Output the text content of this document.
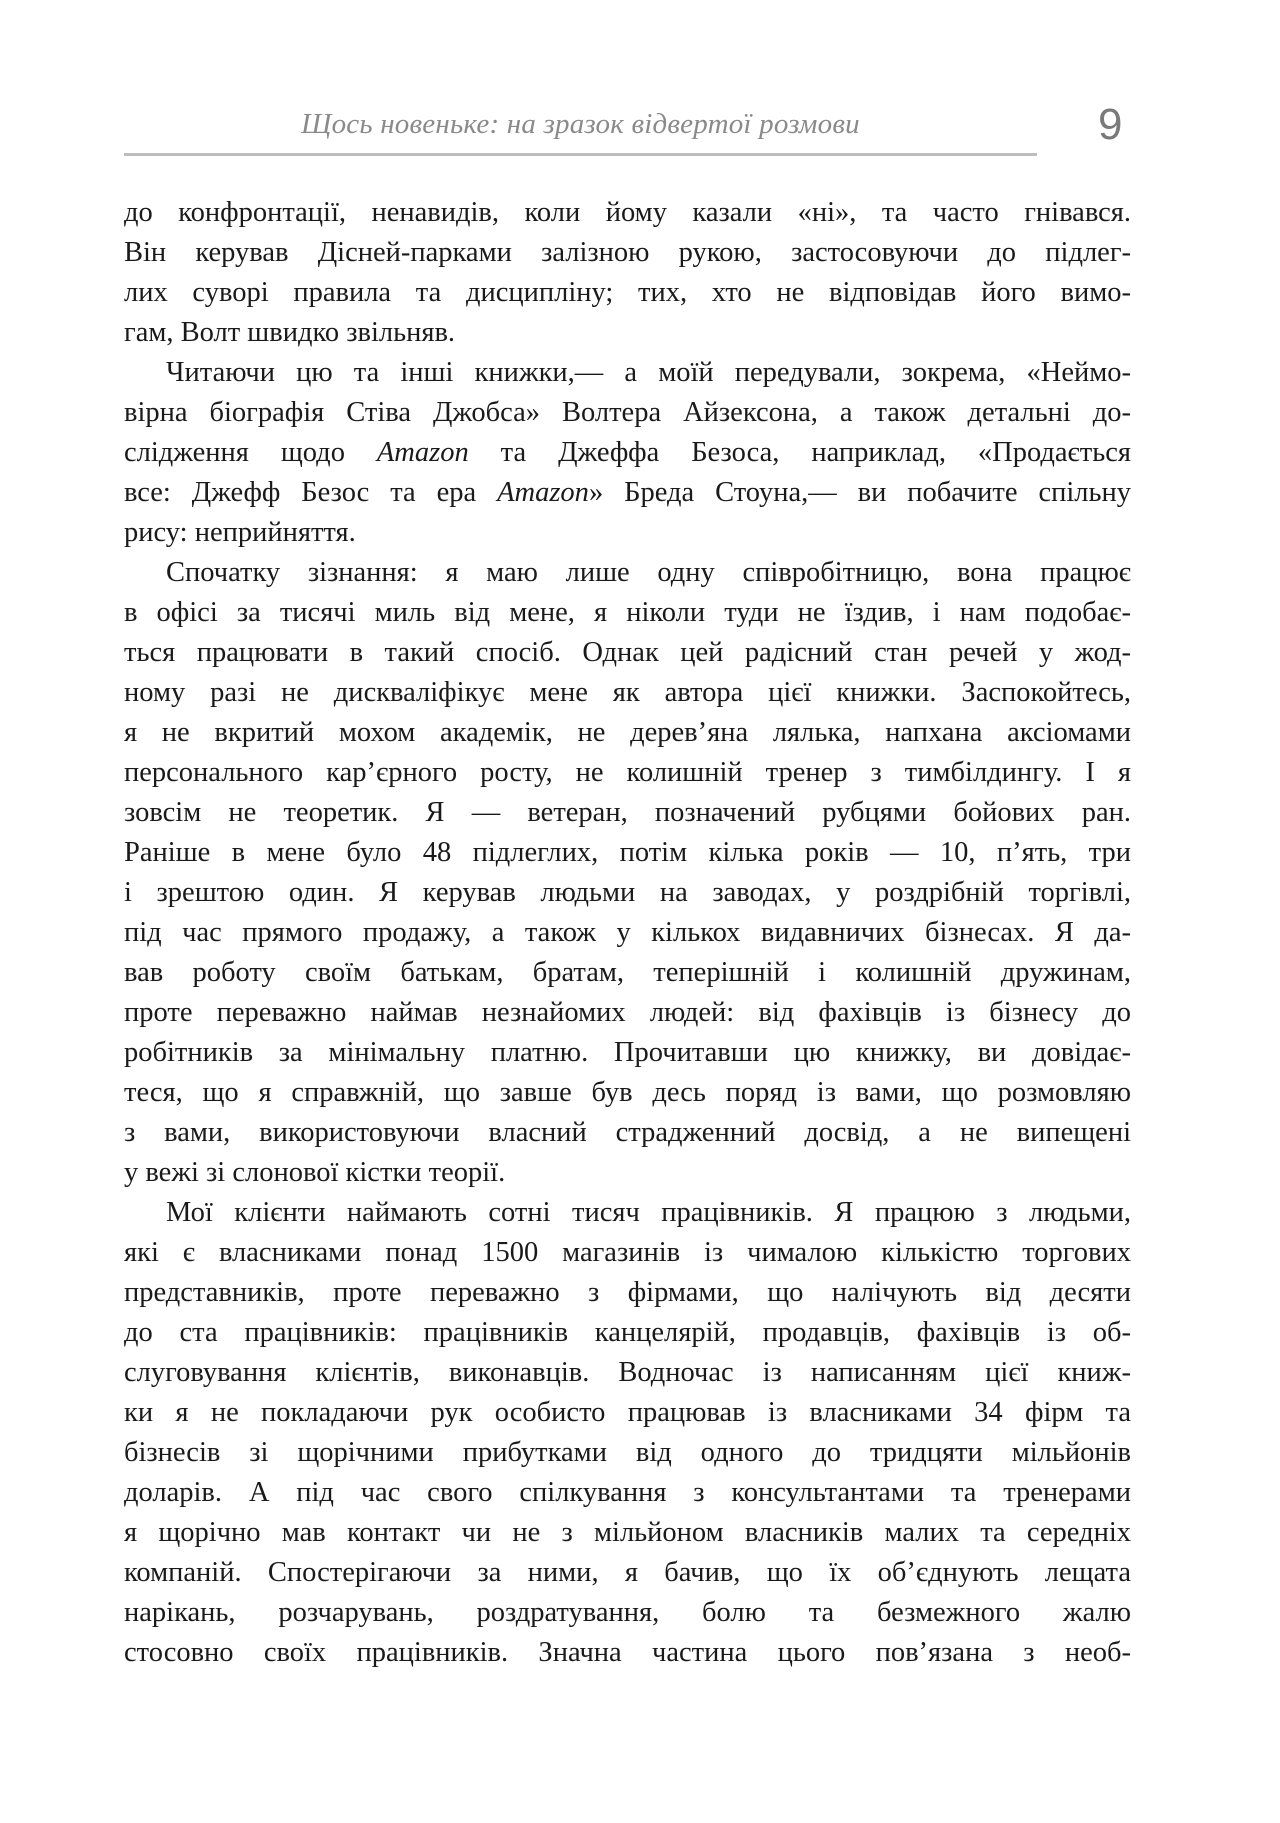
Щось новеньке: на зразок відвертої розмови	9
до конфронтації, ненавидів, коли йому казали «ні», та часто гнівався.
Він керував Дісней-парками залізною рукою, застосовуючи до підлег-
лих суворі правила та дисципліну; тих, хто не відповідав його вимо-
гам, Волт швидко звільняв.
Читаючи цю та інші книжки,— а моїй передували, зокрема, «Неймо-
вірна біографія Стіва Джобса» Волтера Айзексона, а також детальні до-
слідження щодо Amazon та Джеффа Безоса, наприклад, «Продається
все: Джефф Безос та ера Amazon» Бреда Стоуна,— ви побачите спільну
рису: неприйняття.
Спочатку зізнання: я маю лише одну співробітницю, вона працює
в офісі за тисячі миль від мене, я ніколи туди не їздив, і нам подобає-
ться працювати в такий спосіб. Однак цей радісний стан речей у жод-
ному разі не дискваліфікує мене як автора цієї книжки. Заспокойтесь,
я не вкритий мохом академік, не дерев’яна лялька, напхана аксіомами
персонального кар’єрного росту, не колишній тренер з тимбілдингу. І я
зовсім не теоретик. Я — ветеран, позначений рубцями бойових ран.
Раніше в мене було 48 підлеглих, потім кілька років — 10, п’ять, три
і зрештою один. Я керував людьми на заводах, у роздрібній торгівлі,
під час прямого продажу, а також у кількох видавничих бізнесах. Я да-
вав роботу своїм батькам, братам, теперішній і колишній дружинам,
проте переважно наймав незнайомих людей: від фахівців із бізнесу до
робітників за мінімальну платню. Прочитавши цю книжку, ви довідає-
теся, що я справжній, що завше був десь поряд із вами, що розмовляю
з вами, використовуючи власний страдженний досвід, а не випещені
у вежі зі слонової кістки теорії.
Мої клієнти наймають сотні тисяч працівників. Я працюю з людьми,
які є власниками понад 1500 магазинів із чималою кількістю торгових
представників, проте переважно з фірмами, що налічують від десяти
до ста працівників: працівників канцелярій, продавців, фахівців із об-
слуговування клієнтів, виконавців. Водночас із написанням цієї книж-
ки я не покладаючи рук особисто працював із власниками 34 фірм та
бізнесів зі щорічними прибутками від одного до тридцяти мільйонів
доларів. А під час свого спілкування з консультантами та тренерами
я щорічно мав контакт чи не з мільйоном власників малих та середніх
компаній. Спостерігаючи за ними, я бачив, що їх об’єднують лещата
нарікань, розчарувань, роздратування, болю та безмежного жалю
стосовно своїх працівників. Значна частина цього пов’язана з необ-
